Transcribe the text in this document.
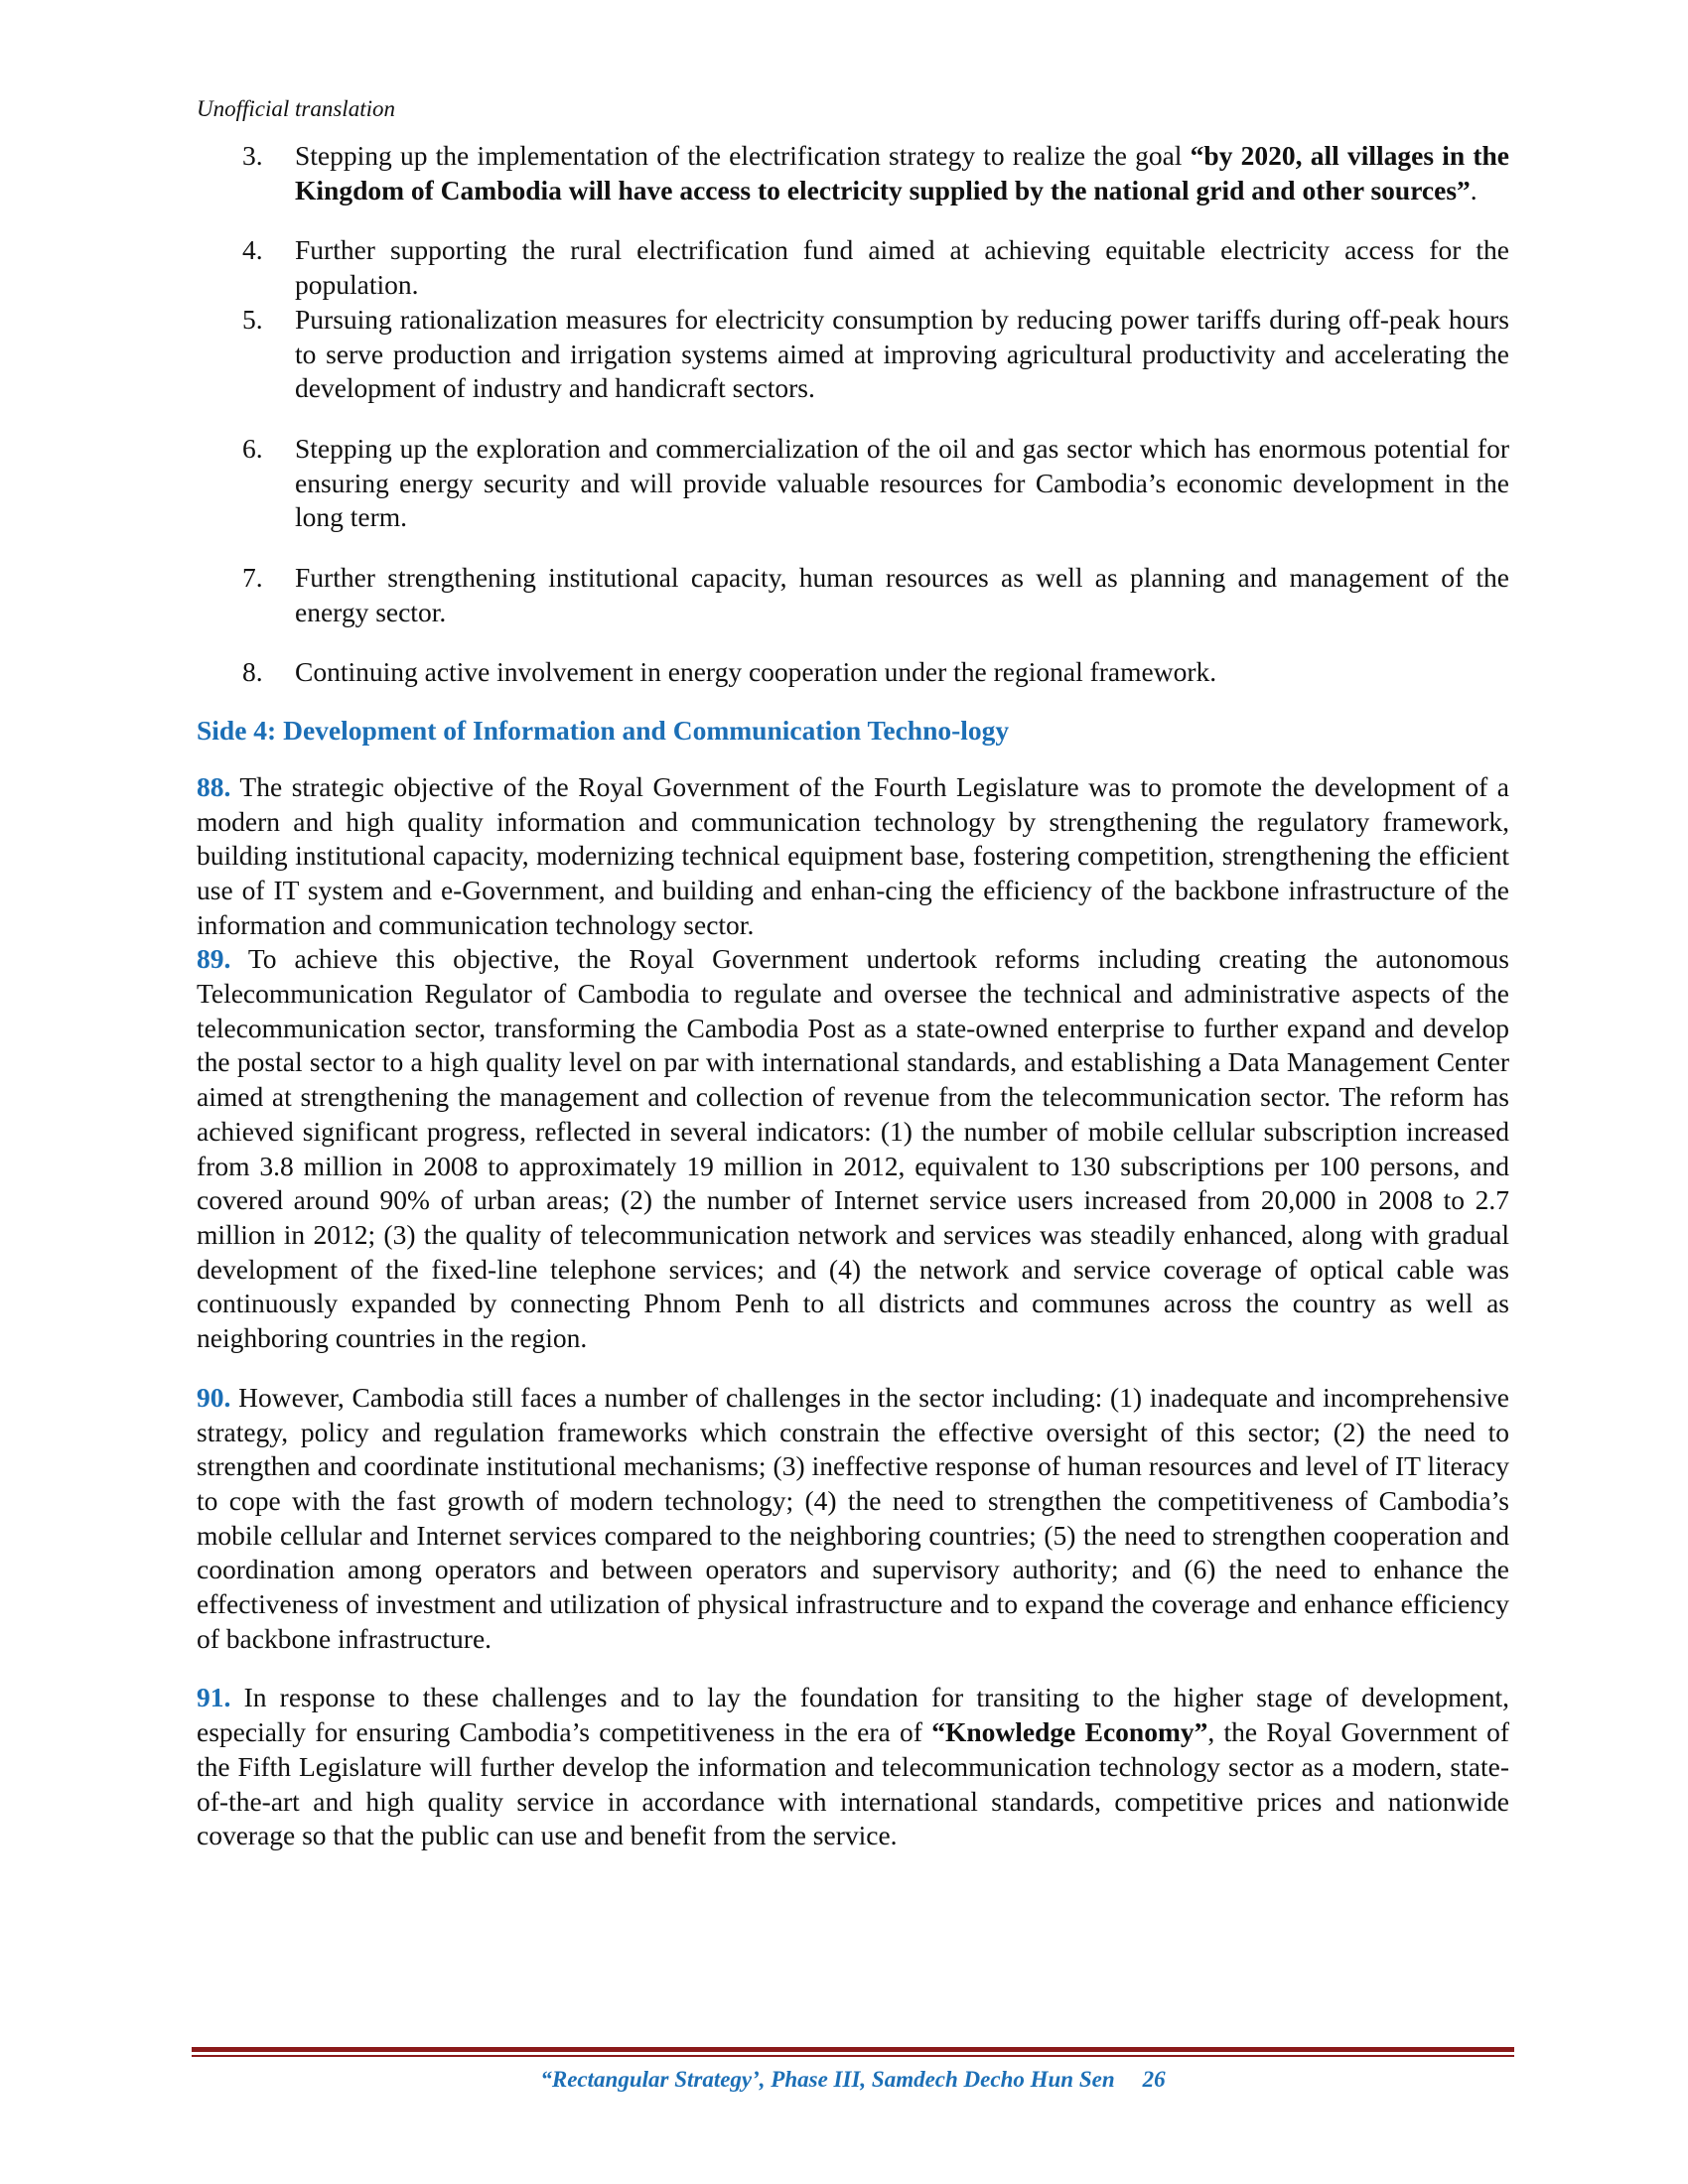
Unofficial translation
3. Stepping up the implementation of the electrification strategy to realize the goal “by 2020, all villages in the Kingdom of Cambodia will have access to electricity supplied by the national grid and other sources”.
4. Further supporting the rural electrification fund aimed at achieving equitable electricity access for the population.
5. Pursuing rationalization measures for electricity consumption by reducing power tariffs during off-peak hours to serve production and irrigation systems aimed at improving agricultural productivity and accelerating the development of industry and handicraft sectors.
6. Stepping up the exploration and commercialization of the oil and gas sector which has enormous potential for ensuring energy security and will provide valuable resources for Cambodia’s economic development in the long term.
7. Further strengthening institutional capacity, human resources as well as planning and management of the energy sector.
8. Continuing active involvement in energy cooperation under the regional framework.
Side 4: Development of Information and Communication Techno-logy

88. The strategic objective of the Royal Government of the Fourth Legislature was to promote the development of a modern and high quality information and communication technology by strengthening the regulatory framework, building institutional capacity, modernizing technical equipment base, fostering competition, strengthening the efficient use of IT system and e-Government, and building and enhan-cing the efficiency of the backbone infrastructure of the information and communication technology sector.

89. To achieve this objective, the Royal Government undertook reforms including creating the autonomous Telecommunication Regulator of Cambodia to regulate and oversee the technical and administrative aspects of the telecommunication sector, transforming the Cambodia Post as a state-owned enterprise to further expand and develop the postal sector to a high quality level on par with international standards, and establishing a Data Management Center aimed at strengthening the management and collection of revenue from the telecommunication sector. The reform has achieved significant progress, reflected in several indicators: (1) the number of mobile cellular subscription increased from 3.8 million in 2008 to approximately 19 million in 2012, equivalent to 130 subscriptions per 100 persons, and covered around 90% of urban areas; (2) the number of Internet service users increased from 20,000 in 2008 to 2.7 million in 2012; (3) the quality of telecommunication network and services was steadily enhanced, along with gradual development of the fixed-line telephone services; and (4) the network and service coverage of optical cable was continuously expanded by connecting Phnom Penh to all districts and communes across the country as well as neighboring countries in the region.

90. However, Cambodia still faces a number of challenges in the sector including: (1) inadequate and incomprehensive strategy, policy and regulation frameworks which constrain the effective oversight of this sector; (2) the need to strengthen and coordinate institutional mechanisms; (3) ineffective response of human resources and level of IT literacy to cope with the fast growth of modern technology; (4) the need to strengthen the competitiveness of Cambodia’s mobile cellular and Internet services compared to the neighboring countries; (5) the need to strengthen cooperation and coordination among operators and between operators and supervisory authority; and (6) the need to enhance the effectiveness of investment and utilization of physical infrastructure and to expand the coverage and enhance efficiency of backbone infrastructure.

91. In response to these challenges and to lay the foundation for transiting to the higher stage of development, especially for ensuring Cambodia’s competitiveness in the era of “Knowledge Economy”, the Royal Government of the Fifth Legislature will further develop the information and telecommunication technology sector as a modern, state-of-the-art and high quality service in accordance with international standards, competitive prices and nationwide coverage so that the public can use and benefit from the service.

“Rectangular Strategy’, Phase III, Samdech Decho Hun Sen 26
